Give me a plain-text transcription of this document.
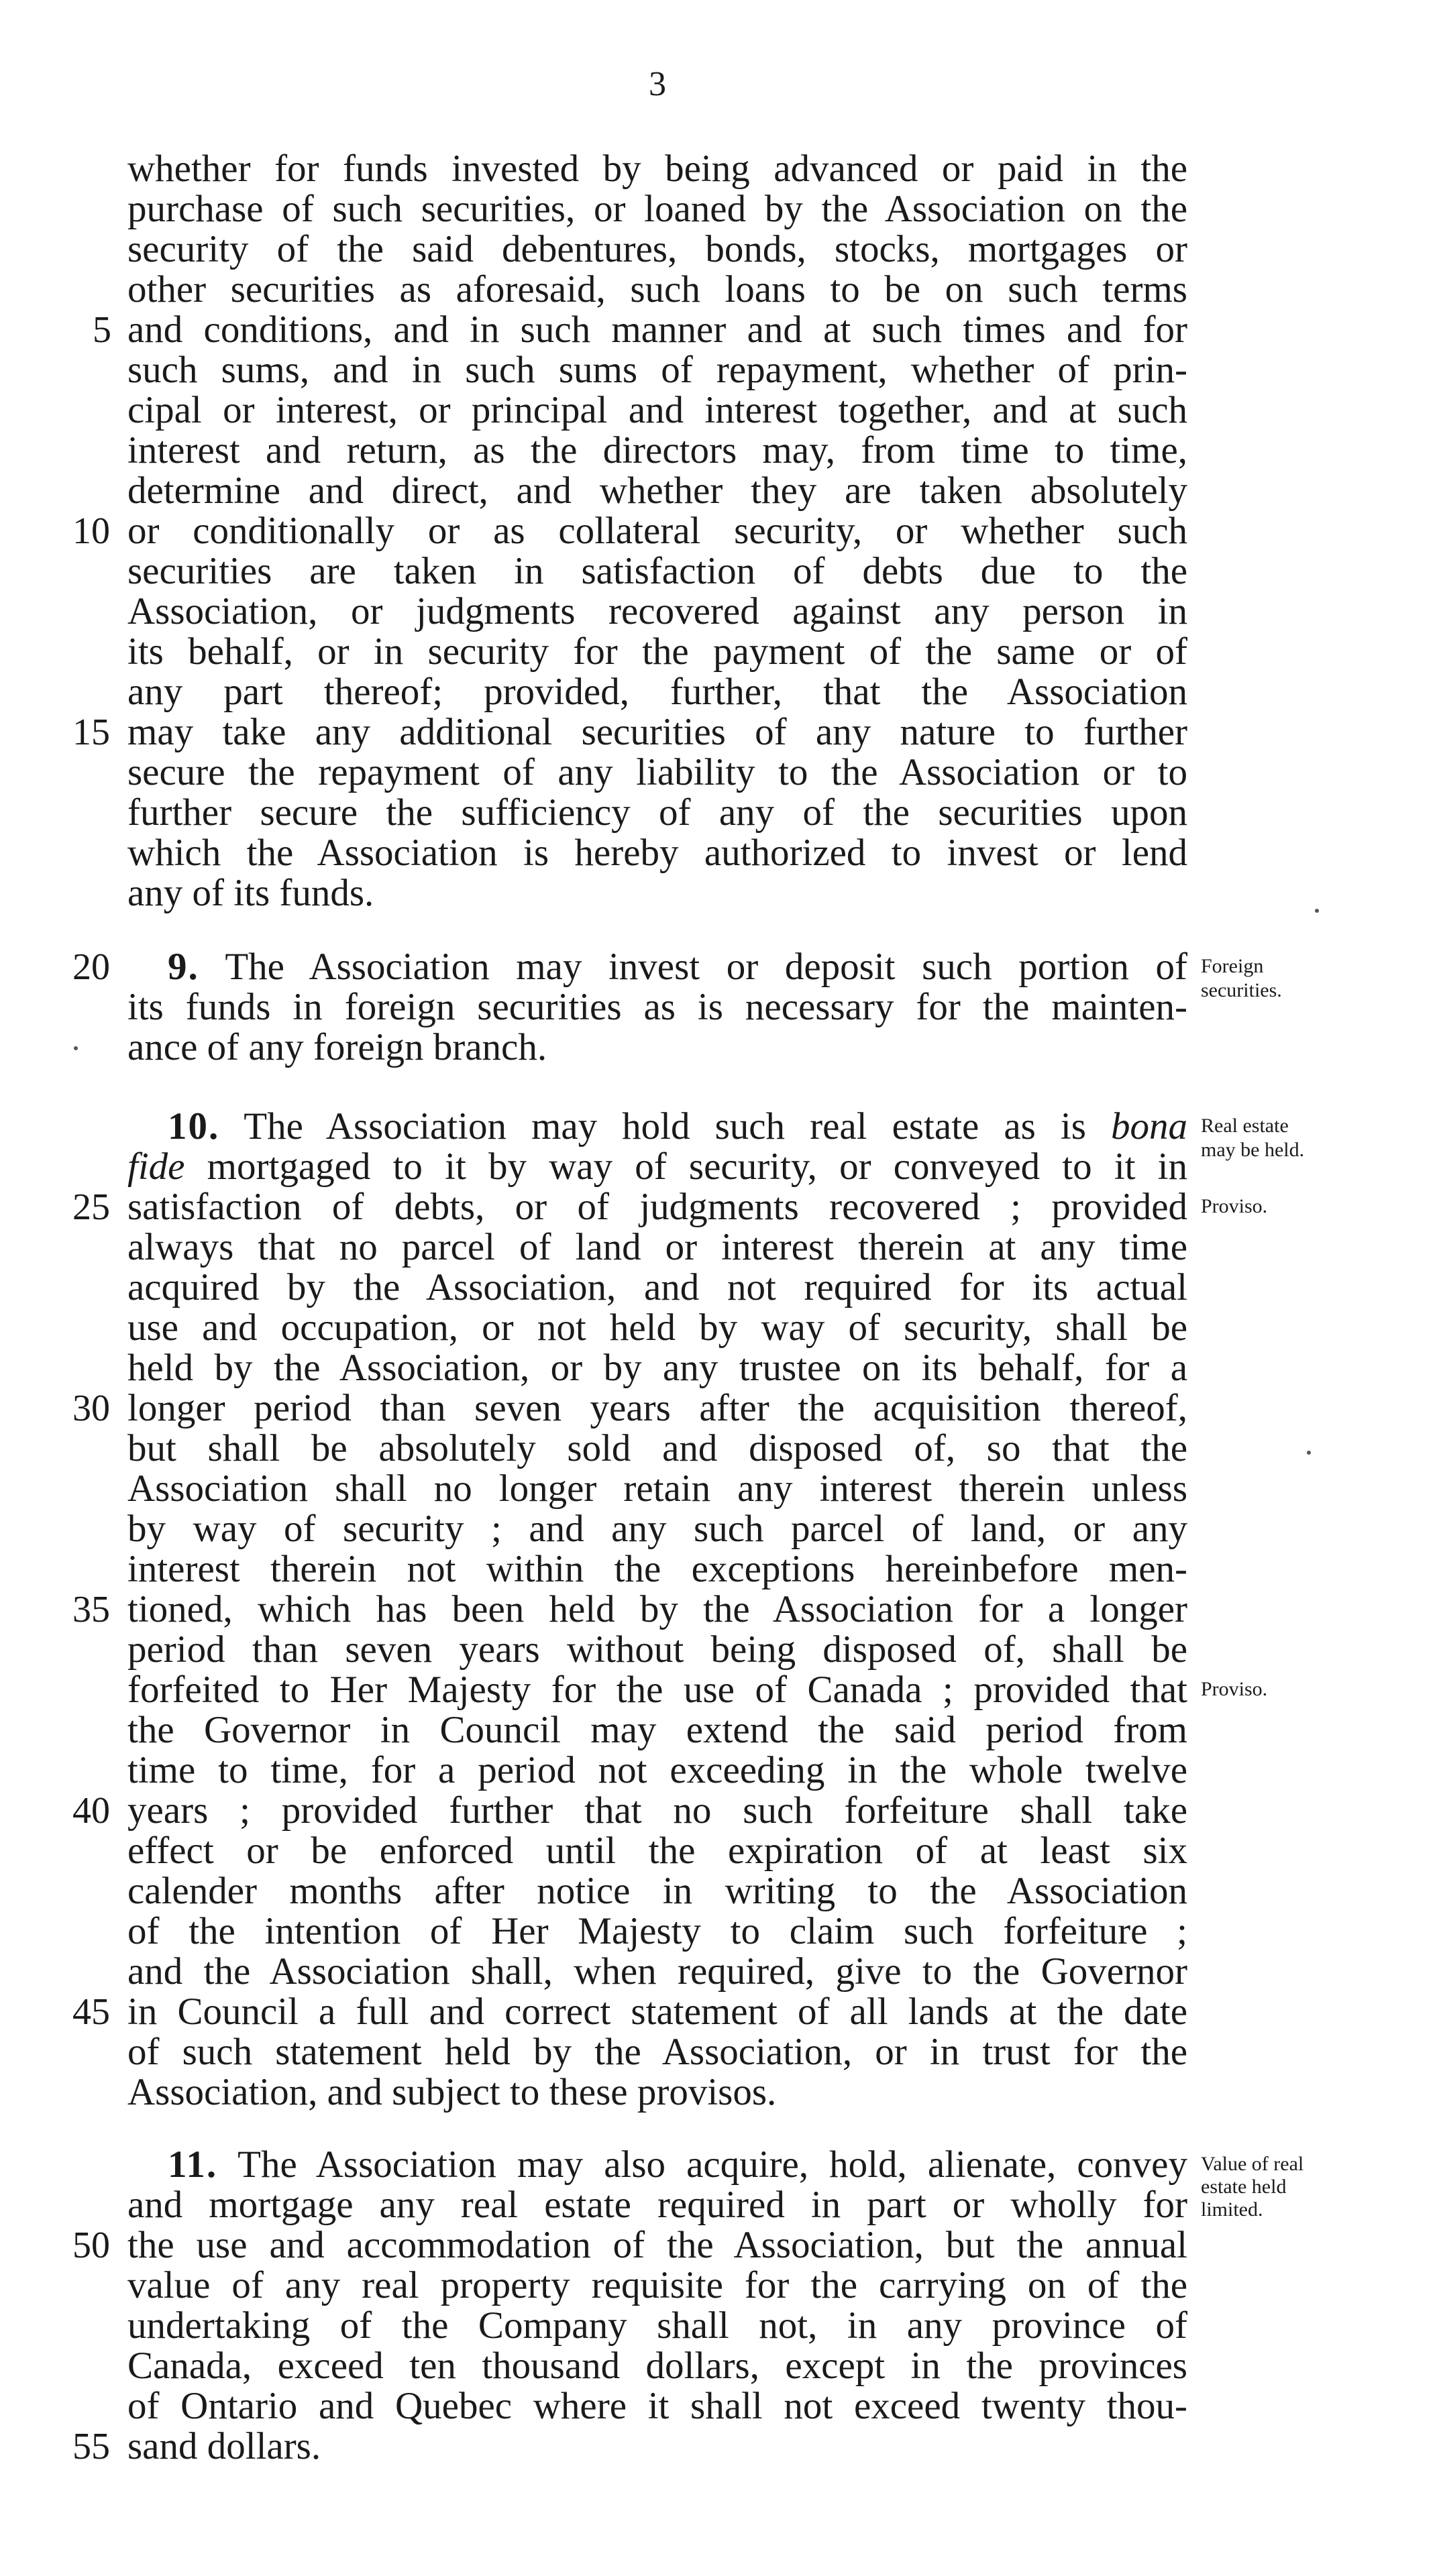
3
whether for funds invested by being advanced or paid in the
purchase of such securities, or loaned by the Association on the
security of the said debentures, bonds, stocks, mortgages or
other securities as aforesaid, such loans to be on such terms
and conditions, and in such manner and at such times and for
such sums, and in such sums of repayment, whether of prin-
cipal or interest, or principal and interest together, and at such
interest and return, as the directors may, from time to time,
determine and direct, and whether they are taken absolutely
or conditionally or as collateral security, or whether such
securities are taken in satisfaction of debts due to the
Association, or judgments recovered against any person in
its behalf, or in security for the payment of the same or of
any part thereof; provided, further, that the Association
may take any additional securities of any nature to further
secure the repayment of any liability to the Association or to
further secure the sufficiency of any of the securities upon
which the Association is hereby authorized to invest or lend
any of its funds.
9. The Association may invest or deposit such portion of
its funds in foreign securities as is necessary for the mainten-
ance of any foreign branch.
10. The Association may hold such real estate as is bona
fide mortgaged to it by way of security, or conveyed to it in
satisfaction of debts, or of judgments recovered ; provided
always that no parcel of land or interest therein at any time
acquired by the Association, and not required for its actual
use and occupation, or not held by way of security, shall be
held by the Association, or by any trustee on its behalf, for a
longer period than seven years after the acquisition thereof,
but shall be absolutely sold and disposed of, so that the
Association shall no longer retain any interest therein unless
by way of security ; and any such parcel of land, or any
interest therein not within the exceptions hereinbefore men-
tioned, which has been held by the Association for a longer
period than seven years without being disposed of, shall be
forfeited to Her Majesty for the use of Canada ; provided that
the Governor in Council may extend the said period from
time to time, for a period not exceeding in the whole twelve
years ; provided further that no such forfeiture shall take
effect or be enforced until the expiration of at least six
calender months after notice in writing to the Association
of the intention of Her Majesty to claim such forfeiture ;
and the Association shall, when required, give to the Governor
in Council a full and correct statement of all lands at the date
of such statement held by the Association, or in trust for the
Association, and subject to these provisos.
11. The Association may also acquire, hold, alienate, convey
and mortgage any real estate required in part or wholly for
the use and accommodation of the Association, but the annual
value of any real property requisite for the carrying on of the
undertaking of the Company shall not, in any province of
Canada, exceed ten thousand dollars, except in the provinces
of Ontario and Quebec where it shall not exceed twenty thou-
sand dollars.
5
10
15
20
25
30
35
40
45
50
55
Foreign
securities.
Real estate
may be held.
Proviso.
Proviso.
Value of real
estate held
limited.
